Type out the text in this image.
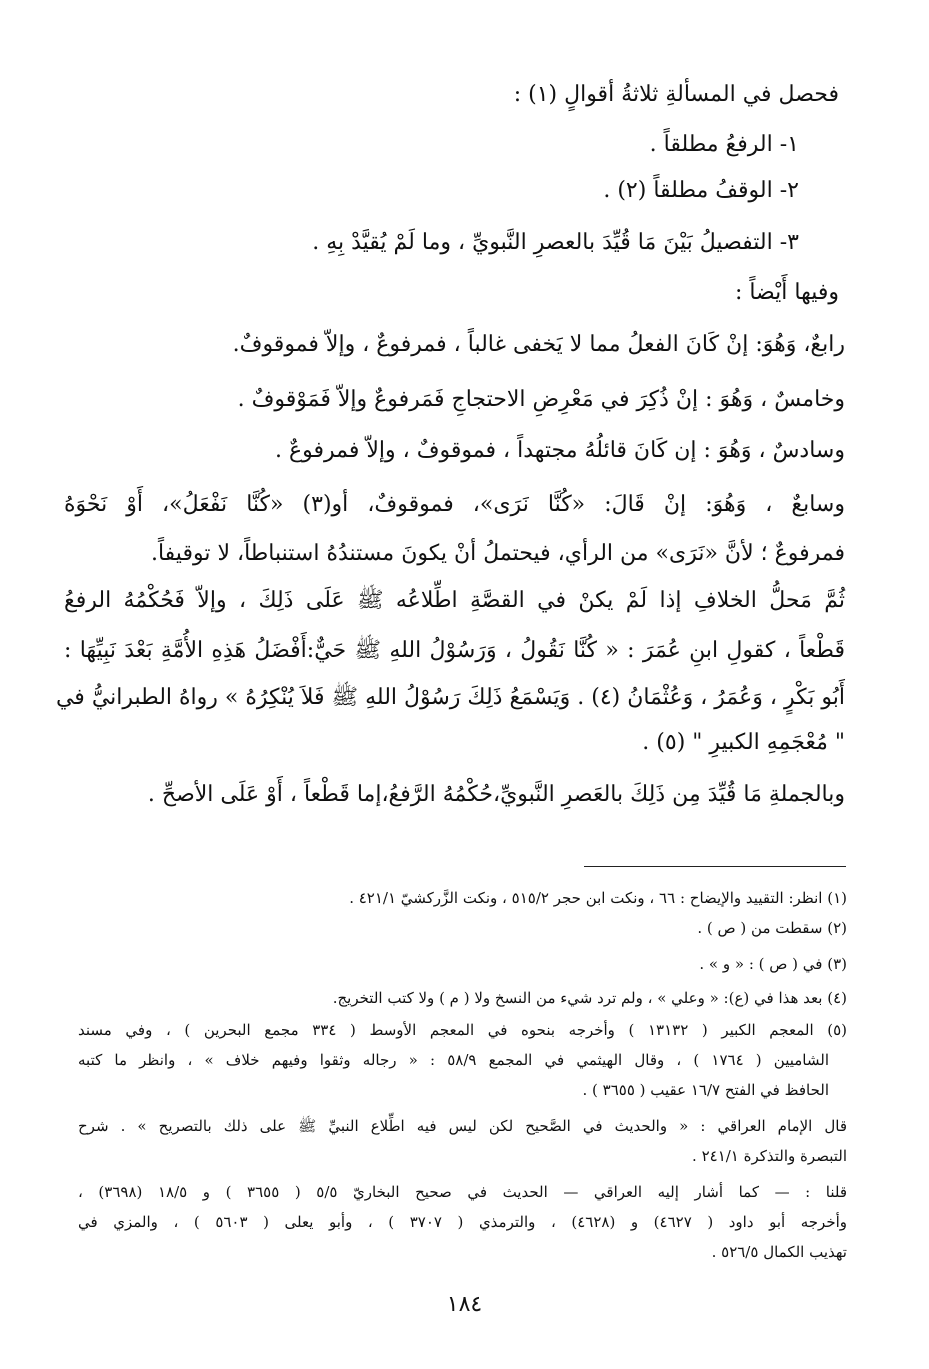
فحصل في المسألةِ ثلاثةُ أقوالٍ (١) :
١- الرفعُ مطلقاً .
٢- الوقفُ مطلقاً (٢) .
٣- التفصيلُ بَيْنَ مَا قُيِّدَ بالعصرِ النَّبويِّ ، وما لَمْ يُقيَّدْ بِهِ .
وفيها أَيْضاً :
رابعٌ، وَهُوَ: إنْ كَانَ الفعلُ مما لا يَخفى غالباً ، فمرفوعٌ ، وإلاّ فموقوفٌ.
وخامسٌ ، وَهُوَ : إنْ ذُكِرَ في مَعْرِضِ الاحتجاجِ فَمَرفوعٌ وإلاّ فَمَوْقوفٌ .
وسادسٌ ، وَهُوَ : إن كَانَ قائلُهُ مجتهداً ، فموقوفٌ ، وإلاّ فمرفوعٌ .
وسابعٌ ، وَهُوَ: إنْ قَالَ: «كُنَّا نَرَى»، فموقوفٌ، أو(٣) «كُنَّا نَفْعَلُ»، أَوْ نَحْوَهُ
فمرفوعٌ ؛ لأنَّ «نَرَى» من الرأي، فيحتملُ أنْ يكونَ مستندُهُ استنباطاً، لا توقيفاً.
ثُمَّ مَحلُّ الخلافِ إذا لَمْ يكنْ في القصَّةِ اطِّلاعُه ﷺ عَلَى ذَلِكَ ، وإلاّ فَحُكْمُهُ الرفعُ
قَطْعاً ، كقولِ ابنِ عُمَرَ : « كُنَّا نَقُولُ ، وَرَسُوْلُ اللهِ ﷺ حَيٌّ:أَفْضَلُ هَذِهِ الأُمَّةِ بَعْدَ نَبِيِّهَا :
أَبُو بَكْرٍ ، وَعُمَرُ ، وَعُثْمَانُ (٤) . وَيَسْمَعُ ذَلِكَ رَسُوْلُ اللهِ ﷺ فَلاَ يُنْكِرُهُ » رواهُ الطبرانيُّ في
" مُعْجَمِهِ الكبيرِ " (٥) .
وبالجملةِ مَا قُيِّدَ مِن ذَلِكَ بالعَصرِ النَّبويِّ،حُكْمُهُ الرَّفعُ،إما قَطْعاً ، أَوْ عَلَى الأصحِّ .
(١) انظر: التقييد والإيضاح : ٦٦ ، ونكت ابن حجر ٥١٥/٢ ، ونكت الزَّركشيّ ٤٢١/١ .
(٢) سقطت من ( ص ) .
(٣) في ( ص ) : « و » .
(٤) بعد هذا في (ع): « وعلي » ، ولم ترد شيء من النسخ ولا ( م ) ولا كتب التخريج.
(٥) المعجم الكبير ( ١٣١٣٢ ) وأخرجه بنحوه في المعجم الأوسط ( ٣٣٤ مجمع البحرين ) ، وفي مسند
الشاميين ( ١٧٦٤ ) ، وقال الهيثمي في المجمع ٥٨/٩ : « رجاله وثقوا وفيهم خلاف » ، وانظر ما كتبه
الحافظ في الفتح ١٦/٧ عقيب ( ٣٦٥٥ ) .
قال الإمام العراقي : « والحديث في الصَّحيح لكن ليس فيه اطِّلاع النبيِّ ﷺ على ذلك بالتصريح » . شرح
التبصرة والتذكرة ٢٤١/١ .
قلنا : — كما أشار إليه العراقي — الحديث في صحيح البخاريّ ٥/٥ ( ٣٦٥٥ ) و ١٨/٥ (٣٦٩٨) ،
وأخرجه أبو داود ( ٤٦٢٧) و (٤٦٢٨) ، والترمذي ( ٣٧٠٧ ) ، وأبو يعلى ( ٥٦٠٣ ) ، والمزي في
تهذيب الكمال ٥٢٦/٥ .
١٨٤
